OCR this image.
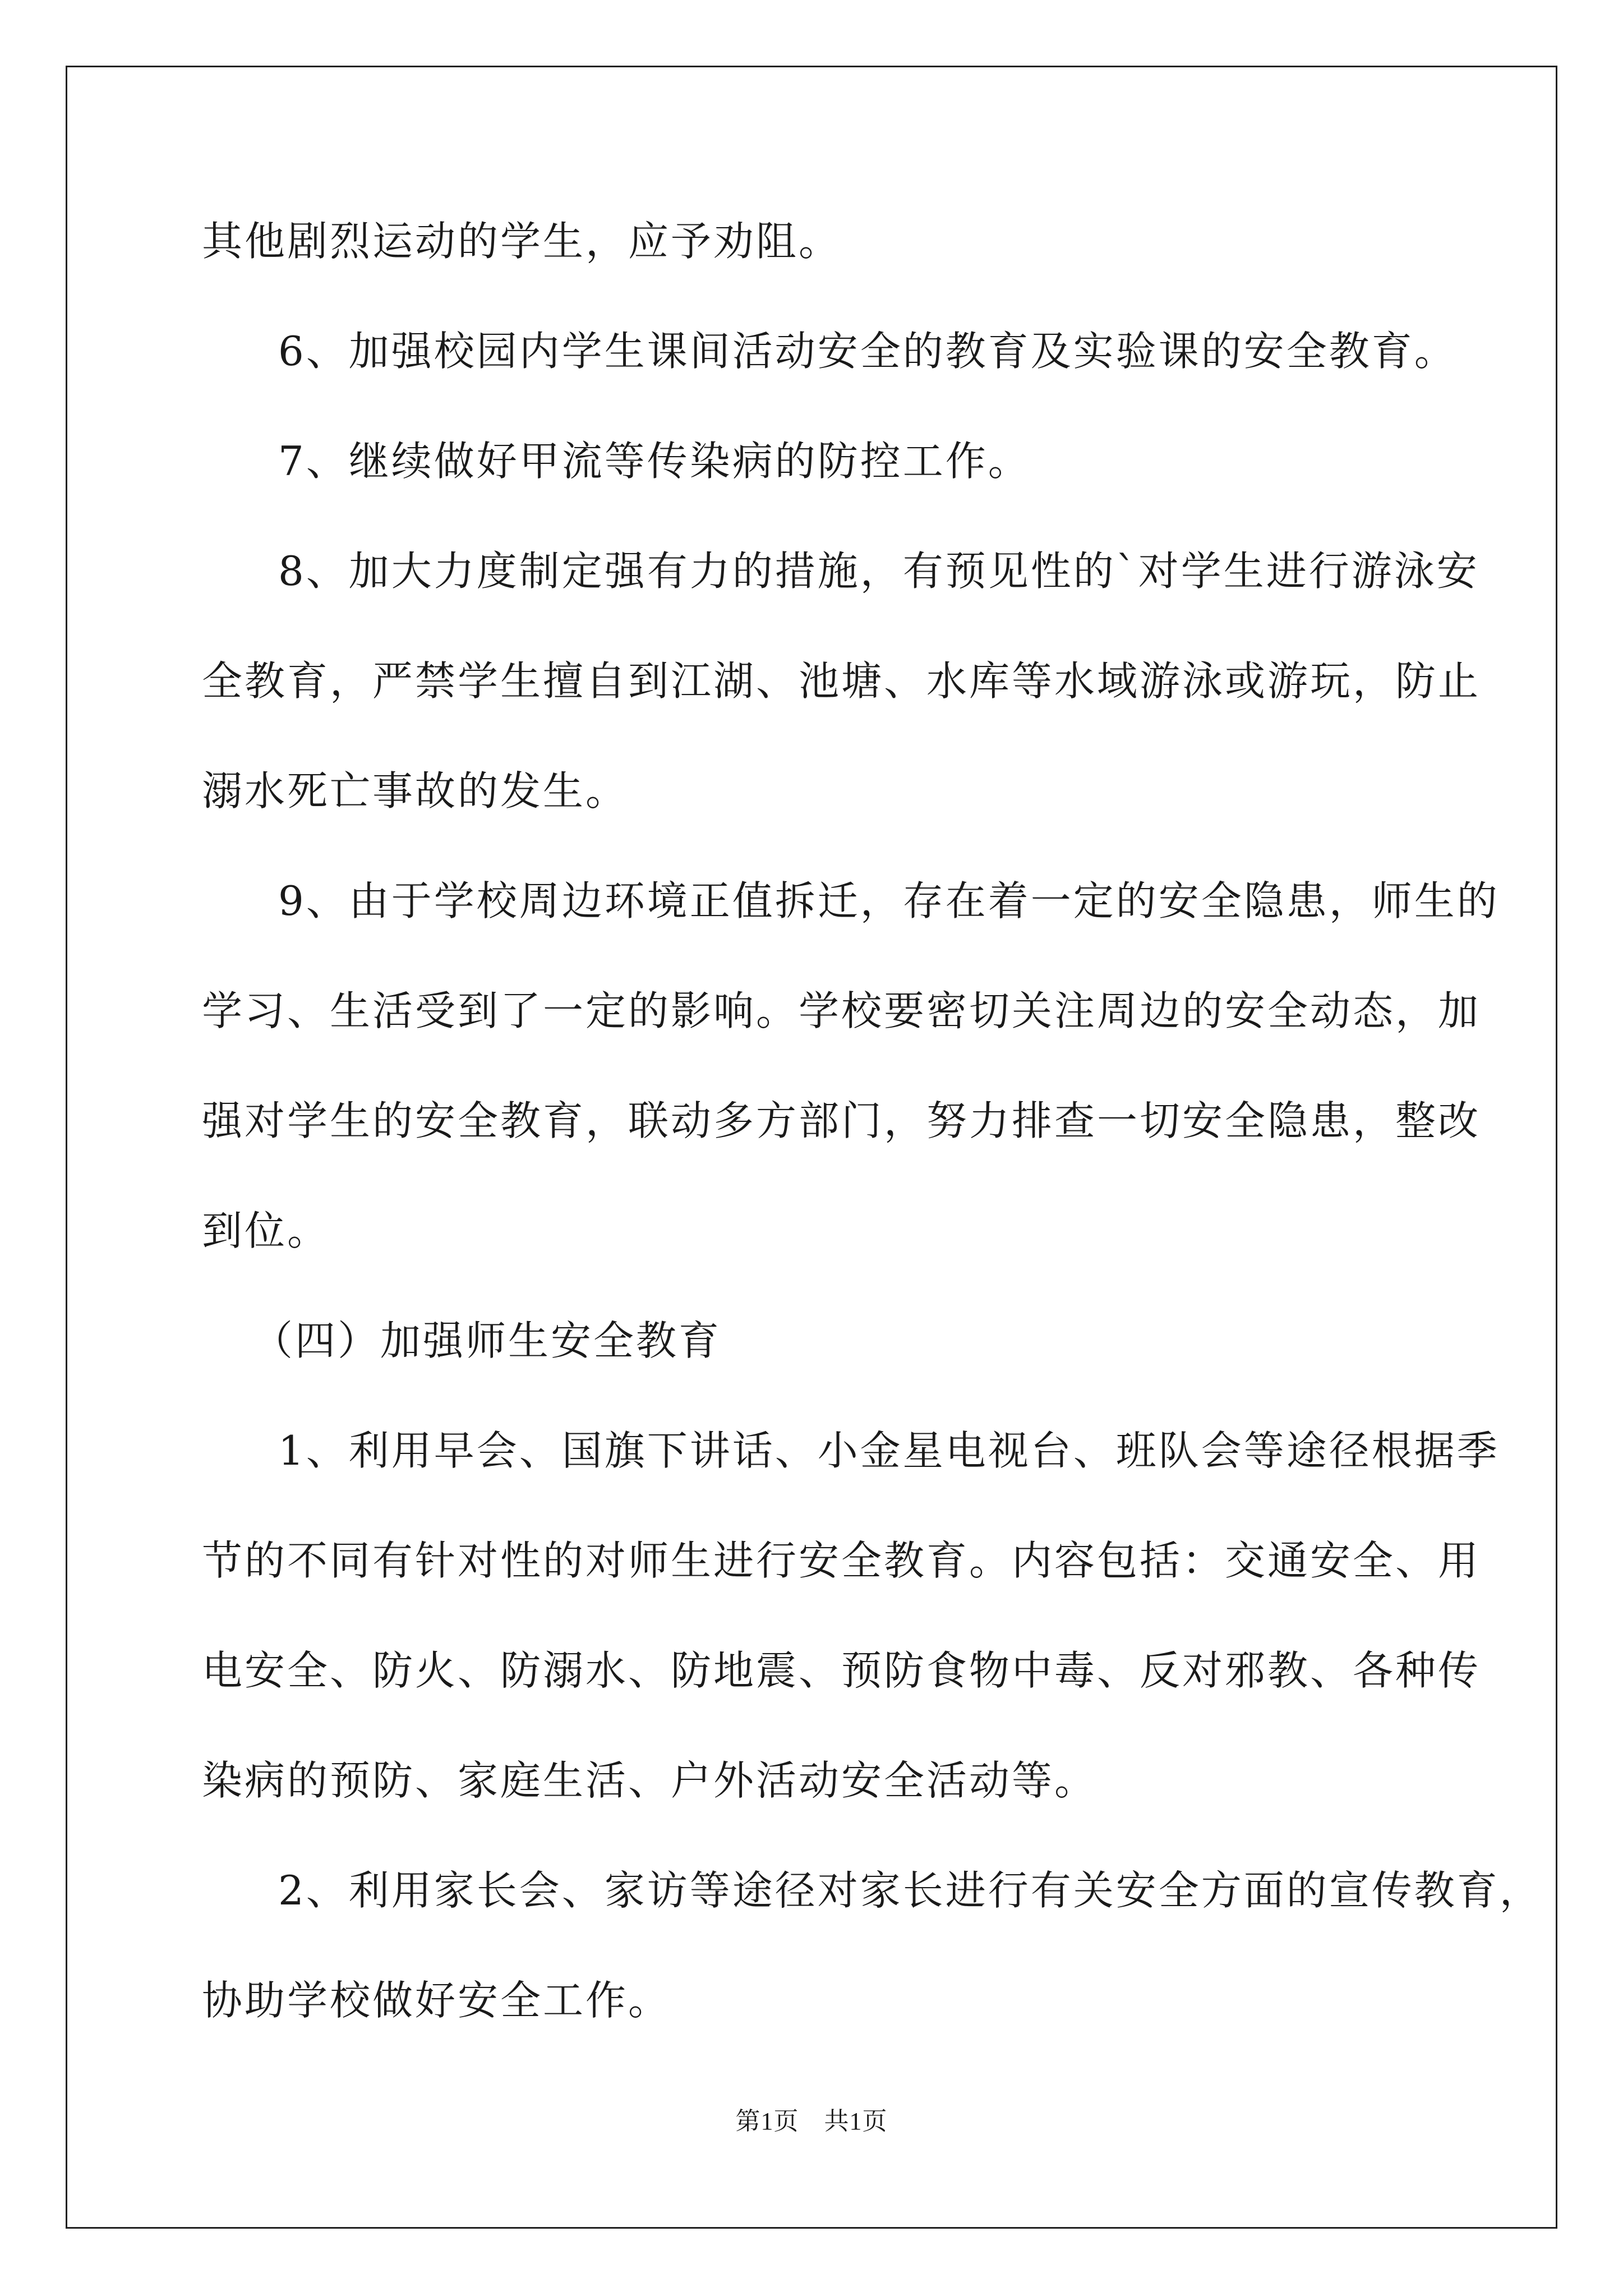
其他剧烈运动的学生，应予劝阻。
6、加强校园内学生课间活动安全的教育及实验课的安全教育。
7、继续做好甲流等传染病的防控工作。
8、加大力度制定强有力的措施，有预见性的`对学生进行游泳安
全教育，严禁学生擅自到江湖、池塘、水库等水域游泳或游玩，防止
溺水死亡事故的发生。
9、由于学校周边环境正值拆迁，存在着一定的安全隐患，师生的
学习、生活受到了一定的影响。学校要密切关注周边的安全动态，加
强对学生的安全教育，联动多方部门，努力排查一切安全隐患，整改
到位。
（四）加强师生安全教育
1、利用早会、国旗下讲话、小金星电视台、班队会等途径根据季
节的不同有针对性的对师生进行安全教育。内容包括：交通安全、用
电安全、防火、防溺水、防地震、预防食物中毒、反对邪教、各种传
染病的预防、家庭生活、户外活动安全活动等。
2、利用家长会、家访等途径对家长进行有关安全方面的宣传教育，
协助学校做好安全工作。
第1页　共1页
